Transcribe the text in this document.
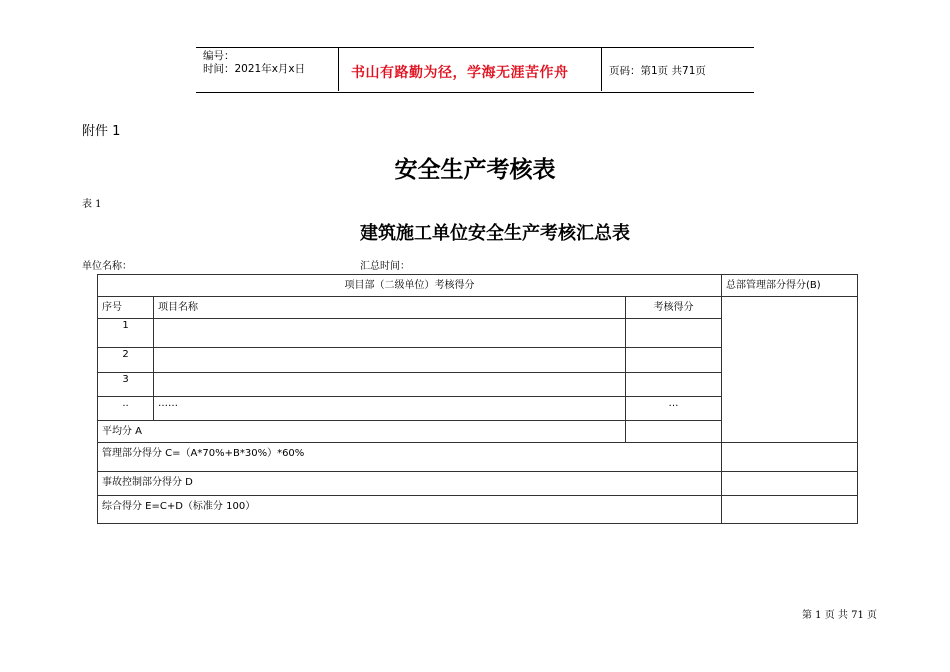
编号：
时间：2021年x月x日	书山有路勤为径，学海无涯苦作舟	页码：第1页 共71页
附件 1
安全生产考核表
表 1
建筑施工单位安全生产考核汇总表
单位名称：	汇总时间：
项目部（二级单位）考核得分			总部管理部分得分(B)
序号	项目名称	考核得分	
1			
2			
3			
..	……	…	
平均分 A			
管理部分得分 C=（A*70%+B*30%）*60%			
事故控制部分得分 D			
综合得分 E=C+D（标准分 100）			
第 1 页 共 71 页
